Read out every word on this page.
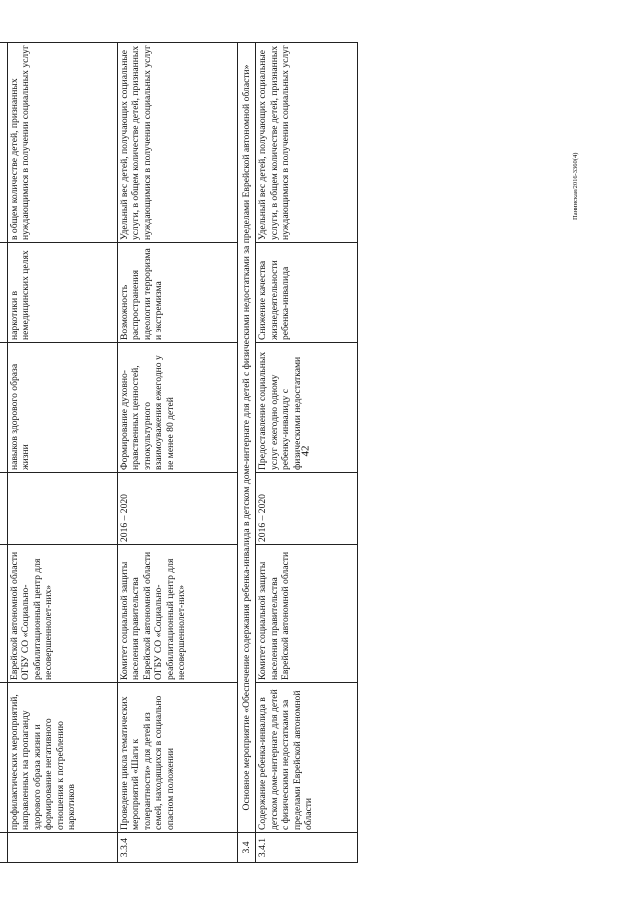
42
Панинская/2016-3360(4)

	профилактических мероприятий, направленных на пропаганду здорового образа жизни и формирование негативного отношения к потреблению наркотиков	Еврейской автономной области ОГБУ СО «Социально-реабилитационный центр для несовершеннолет-них»		навыков здорового образа жизни	наркотики в немедицинских целях	в общем количестве детей, признанных нуждающимися в получении социальных услуг
3.3.4	Проведение цикла тематических мероприятий «Шаги к толерантности» для детей из семей, находящихся в социально опасном положении	Комитет социальной защиты населения правительства Еврейской автономной области ОГБУ СО «Социально-реабилитационный центр для несовершеннолет-них»	2016 – 2020	Формирование духовно-нравственных ценностей, этнокультурного взаимоуважения ежегодно у не менее 80 детей	Возможность распространения идеологии терроризма и экстремизма	Удельный вес детей, получающих социальные услуги, в общем количестве детей, признанных нуждающимися в получении социальных услуг
3.4	Основное мероприятие «Обеспечение содержания ребенка-инвалида в детском доме-интернате для детей с физическими недостатками за пределами Еврейской автономной области»					
3.4.1	Содержание ребенка-инвалида в детском доме-интернате для детей с физическими недостатками за пределами Еврейской автономной области	Комитет социальной защиты населения правительства Еврейской автономной области	2016 – 2020	Предоставление социальных услуг ежегодно одному ребенку-инвалиду с физическими недостатками	Снижение качества жизнедеятельности ребенка-инвалида	Удельный вес детей, получающих социальные услуги, в общем количестве детей, признанных нуждающимися в получении социальных услуг
